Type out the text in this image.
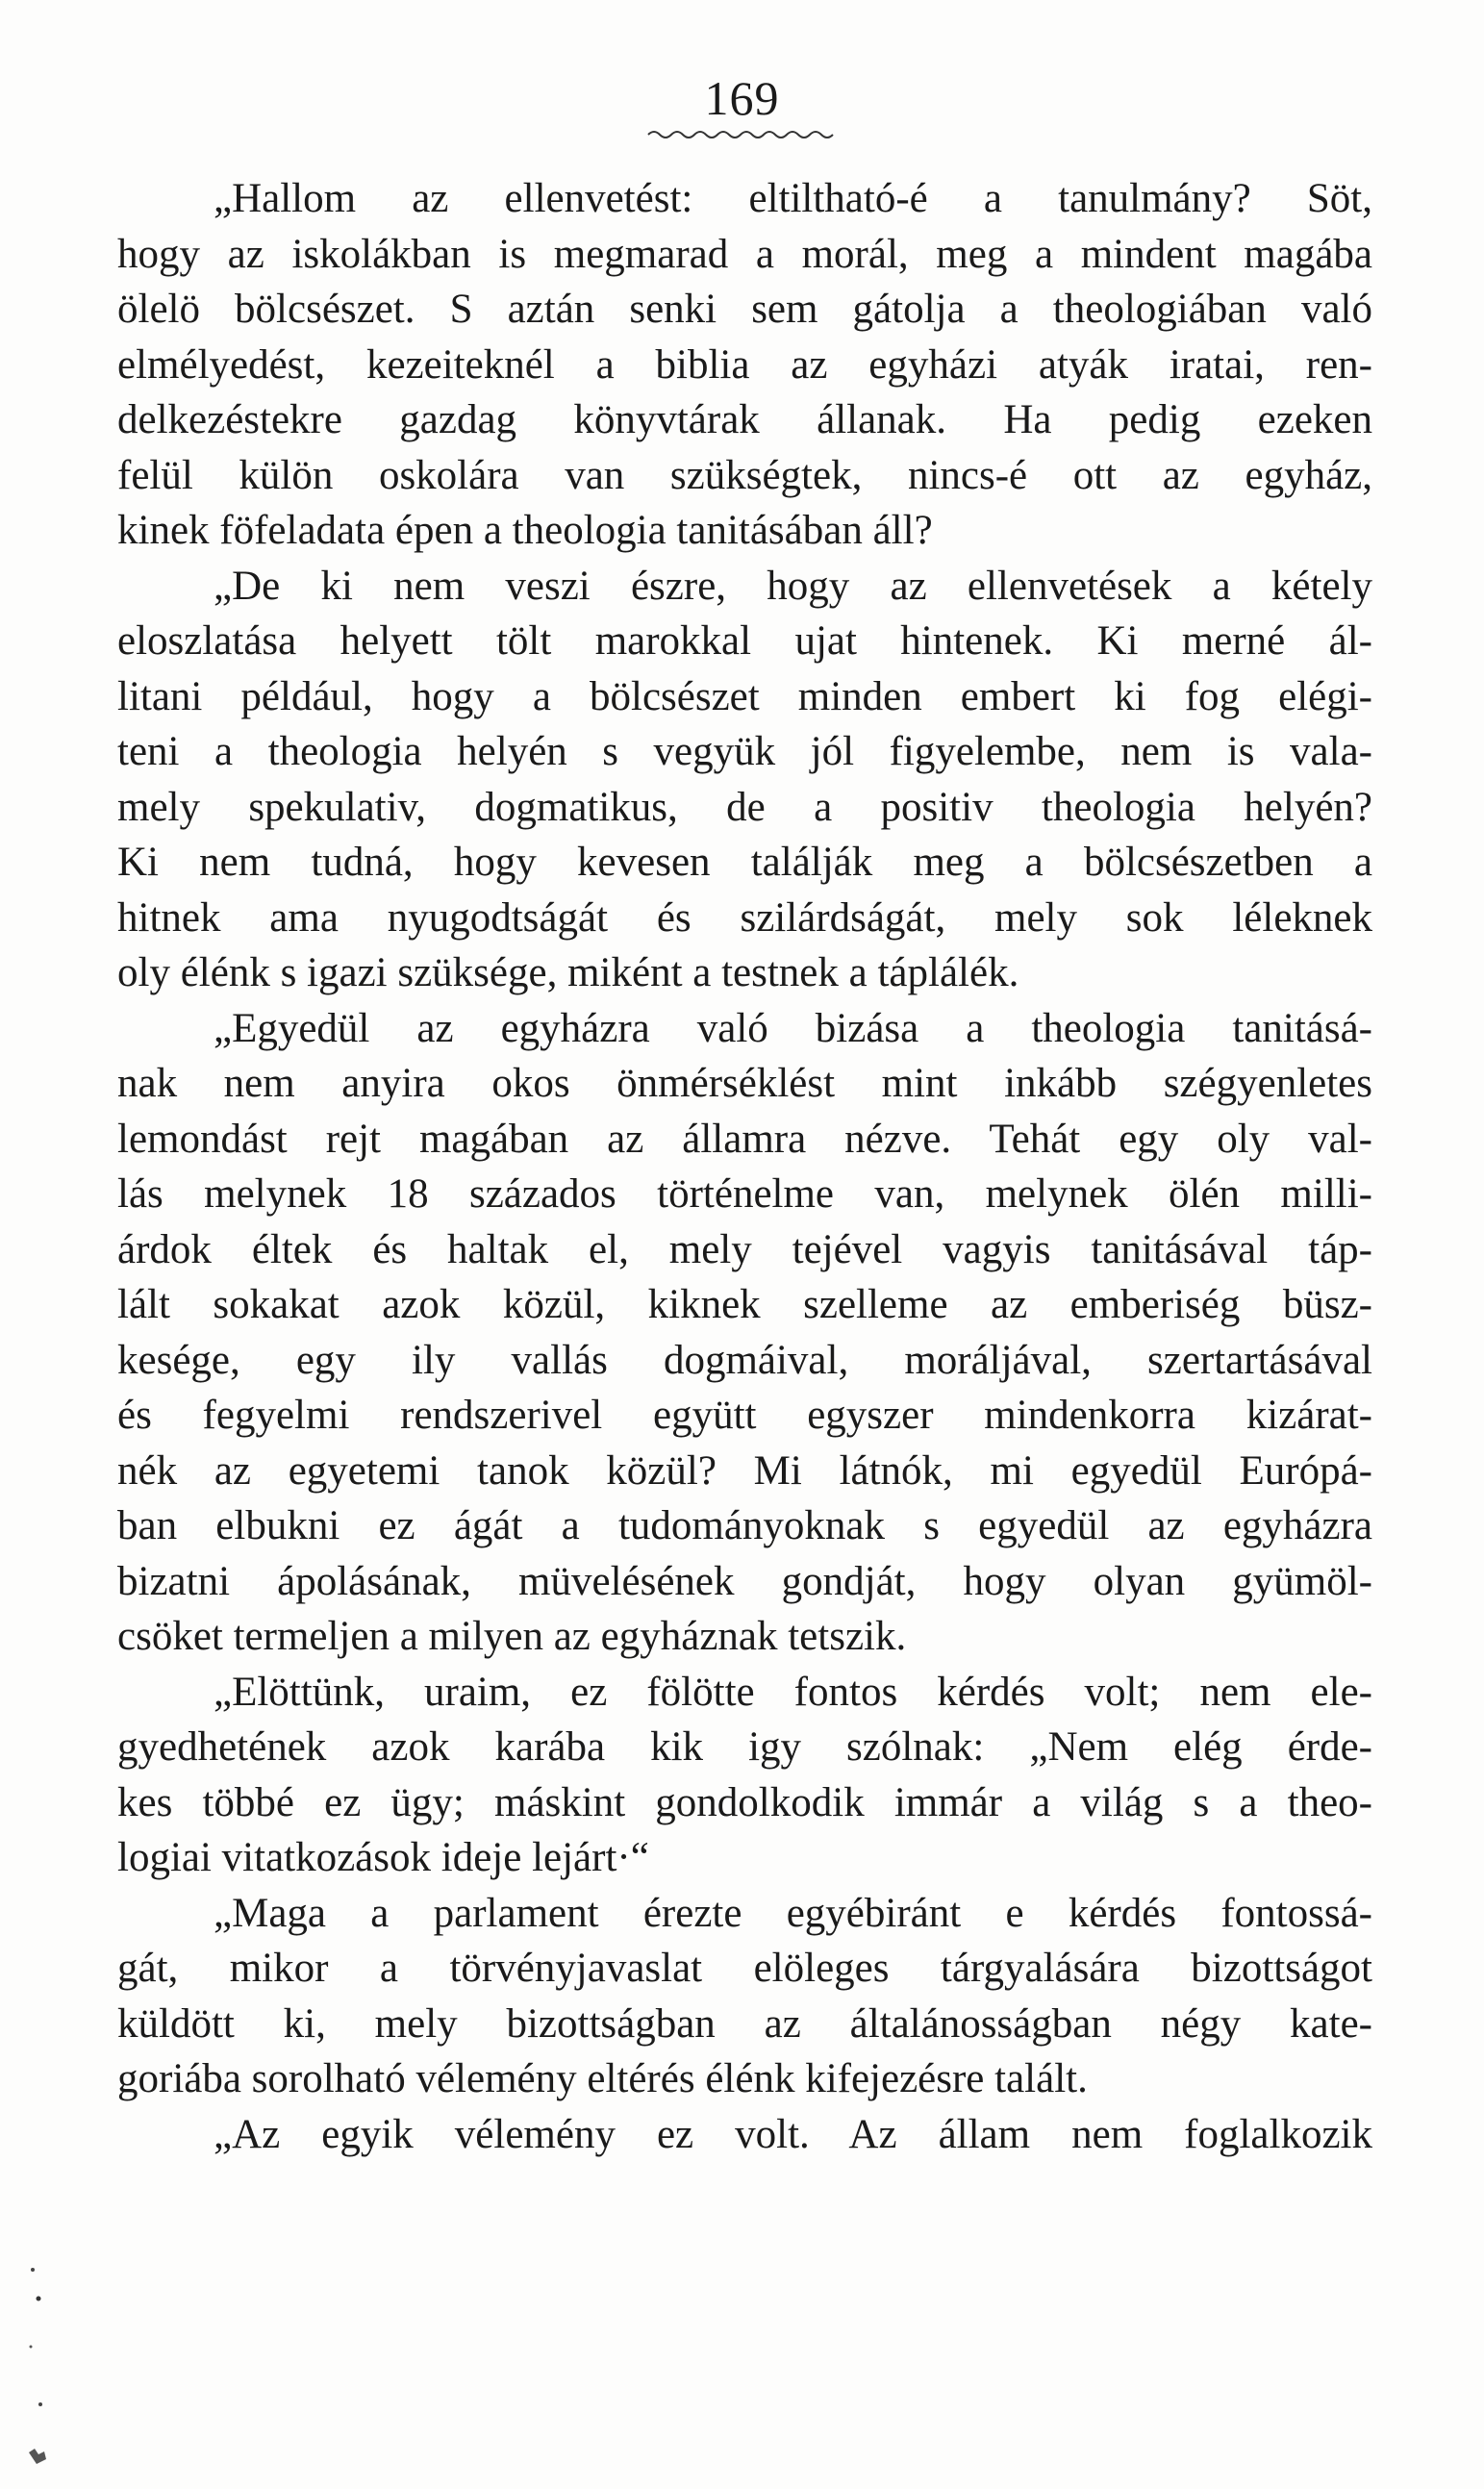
169
„Hallom az ellenvetést: eltiltható-é a tanulmány? Söt,
hogy az iskolákban is megmarad a morál, meg a mindent magába
ölelö bölcsészet. S aztán senki sem gátolja a theologiában való
elmélyedést, kezeiteknél a biblia az egyházi atyák iratai, ren-
delkezéstekre gazdag könyvtárak állanak. Ha pedig ezeken
felül külön oskolára van szükségtek, nincs-é ott az egyház,
kinek föfeladata épen a theologia tanitásában áll?
„De ki nem veszi észre, hogy az ellenvetések a kétely
eloszlatása helyett tölt marokkal ujat hintenek. Ki merné ál-
litani például, hogy a bölcsészet minden embert ki fog elégi-
teni a theologia helyén s vegyük jól figyelembe, nem is vala-
mely spekulativ, dogmatikus, de a positiv theologia helyén?
Ki nem tudná, hogy kevesen találják meg a bölcsészetben a
hitnek ama nyugodtságát és szilárdságát, mely sok léleknek
oly élénk s igazi szüksége, miként a testnek a táplálék.
„Egyedül az egyházra való bizása a theologia tanitásá-
nak nem anyira okos önmérséklést mint inkább szégyenletes
lemondást rejt magában az államra nézve. Tehát egy oly val-
lás melynek 18 százados történelme van, melynek ölén milli-
árdok éltek és haltak el, mely tejével vagyis tanitásával táp-
lált sokakat azok közül, kiknek szelleme az emberiség büsz-
kesége, egy ily vallás dogmáival, moráljával, szertartásával
és fegyelmi rendszerivel együtt egyszer mindenkorra kizárat-
nék az egyetemi tanok közül? Mi látnók, mi egyedül Európá-
ban elbukni ez ágát a tudományoknak s egyedül az egyházra
bizatni ápolásának, müvelésének gondját, hogy olyan gyümöl-
csöket termeljen a milyen az egyháznak tetszik.
„Elöttünk, uraim, ez fölötte fontos kérdés volt; nem ele-
gyedhetének azok karába kik igy szólnak: „Nem elég érde-
kes többé ez ügy; máskint gondolkodik immár a világ s a theo-
logiai vitatkozások ideje lejárt·“
„Maga a parlament érezte egyébiránt e kérdés fontossá-
gát, mikor a törvényjavaslat elöleges tárgyalására bizottságot
küldött ki, mely bizottságban az általánosságban négy kate-
goriába sorolható vélemény eltérés élénk kifejezésre talált.
„Az egyik vélemény ez volt. Az állam nem foglalkozik
